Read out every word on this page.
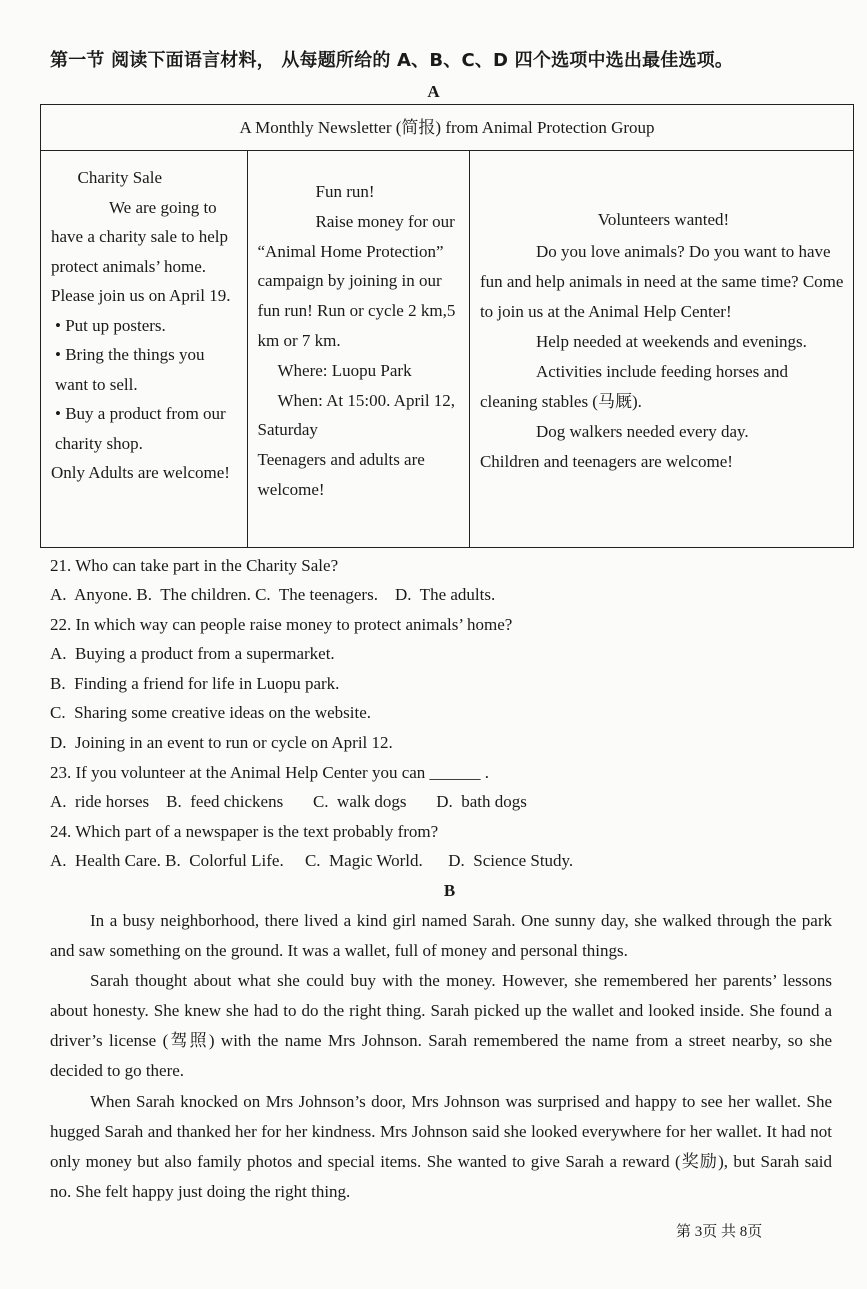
第一节 阅读下面语言材料， 从每题所给的 A、B、C、D 四个选项中选出最佳选项。
A
A Monthly Newsletter (简报) from Animal Protection Group
Charity Sale
We are going to have a charity sale to help protect animals’ home. Please join us on April 19.
• Put up posters.
• Bring the things you want to sell.
• Buy a product from our charity shop.
Only Adults are welcome!
Fun run!
Raise money for our “Animal Home Protection” campaign by joining in our fun run! Run or cycle 2 km,5 km or 7 km.
Where: Luopu Park
When: At 15:00. April 12, Saturday
Teenagers and adults are welcome!
Volunteers wanted!
Do you love animals? Do you want to have fun and help animals in need at the same time? Come to join us at the Animal Help Center!
Help needed at weekends and evenings.
Activities include feeding horses and cleaning stables (马厩).
Dog walkers needed every day.
Children and teenagers are welcome!
21. Who can take part in the Charity Sale?
A.  Anyone. B.  The children. C.  The teenagers.    D.  The adults.
22. In which way can people raise money to protect animals’ home?
A.  Buying a product from a supermarket.
B.  Finding a friend for life in Luopu park.
C.  Sharing some creative ideas on the website.
D.  Joining in an event to run or cycle on April 12.
23. If you volunteer at the Animal Help Center you can ______ .
A.  ride horses    B.  feed chickens       C.  walk dogs       D.  bath dogs
24. Which part of a newspaper is the text probably from?
A.  Health Care. B.  Colorful Life.     C.  Magic World.      D.  Science Study.
B
In a busy neighborhood, there lived a kind girl named Sarah. One sunny day, she walked through the park and saw something on the ground. It was a wallet, full of money and personal things.
Sarah thought about what she could buy with the money. However, she remembered her parents’ lessons about honesty. She knew she had to do the right thing. Sarah picked up the wallet and looked inside. She found a driver’s license (驾照) with the name Mrs Johnson. Sarah remembered the name from a street nearby, so she decided to go there.
When Sarah knocked on Mrs Johnson’s door, Mrs Johnson was surprised and happy to see her wallet. She hugged Sarah and thanked her for her kindness. Mrs Johnson said she looked everywhere for her wallet. It had not only money but also family photos and special items. She wanted to give Sarah a reward (奖励), but Sarah said no. She felt happy just doing the right thing.
第 3页 共 8页
